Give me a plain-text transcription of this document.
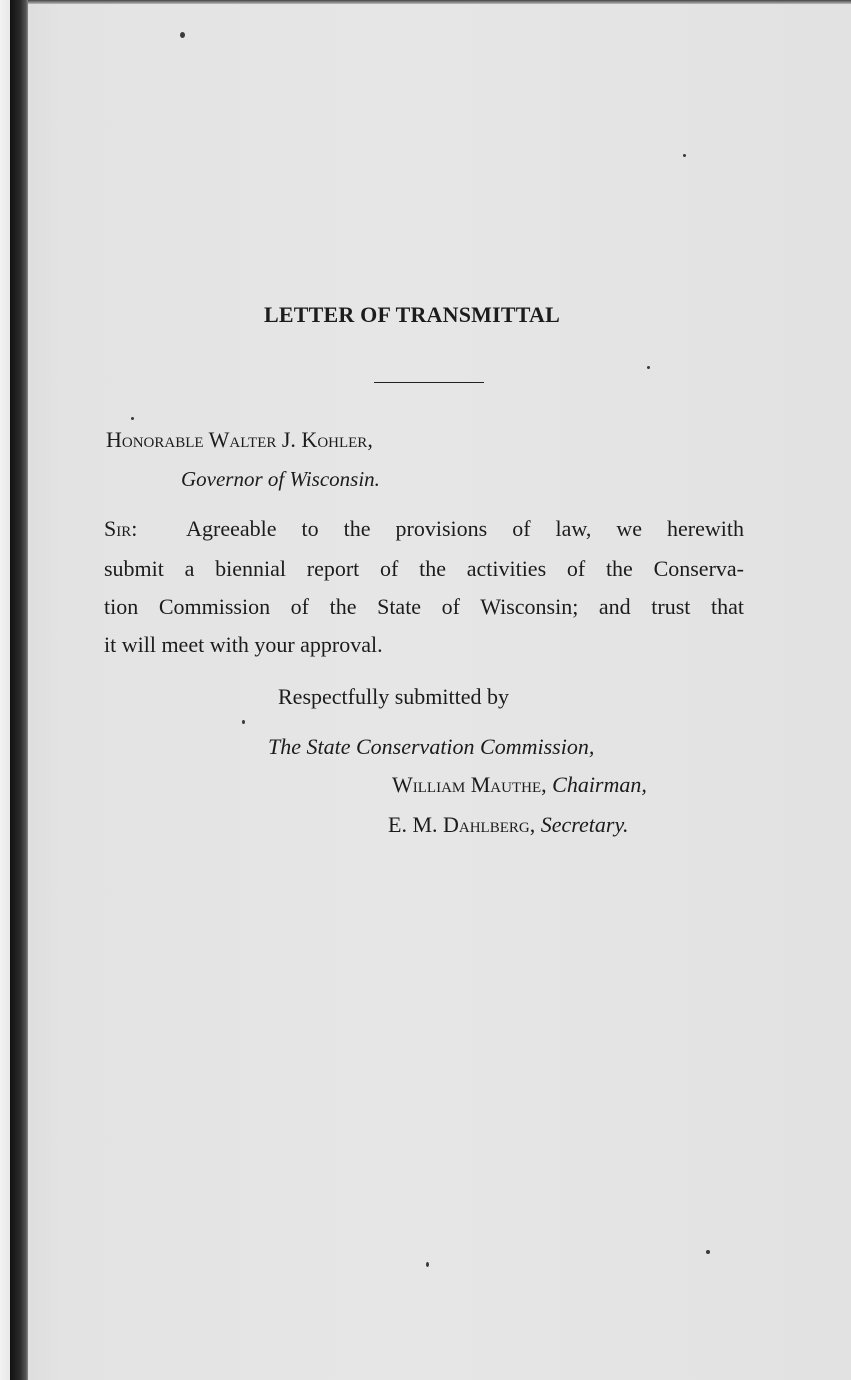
LETTER OF TRANSMITTAL
Honorable Walter J. Kohler,
Governor of Wisconsin.
Sir: Agreeable to the provisions of law, we herewith
submit a biennial report of the activities of the Conserva-
tion Commission of the State of Wisconsin; and trust that
it will meet with your approval.
Respectfully submitted by
The State Conservation Commission,
William Mauthe, Chairman,
E. M. Dahlberg, Secretary.
